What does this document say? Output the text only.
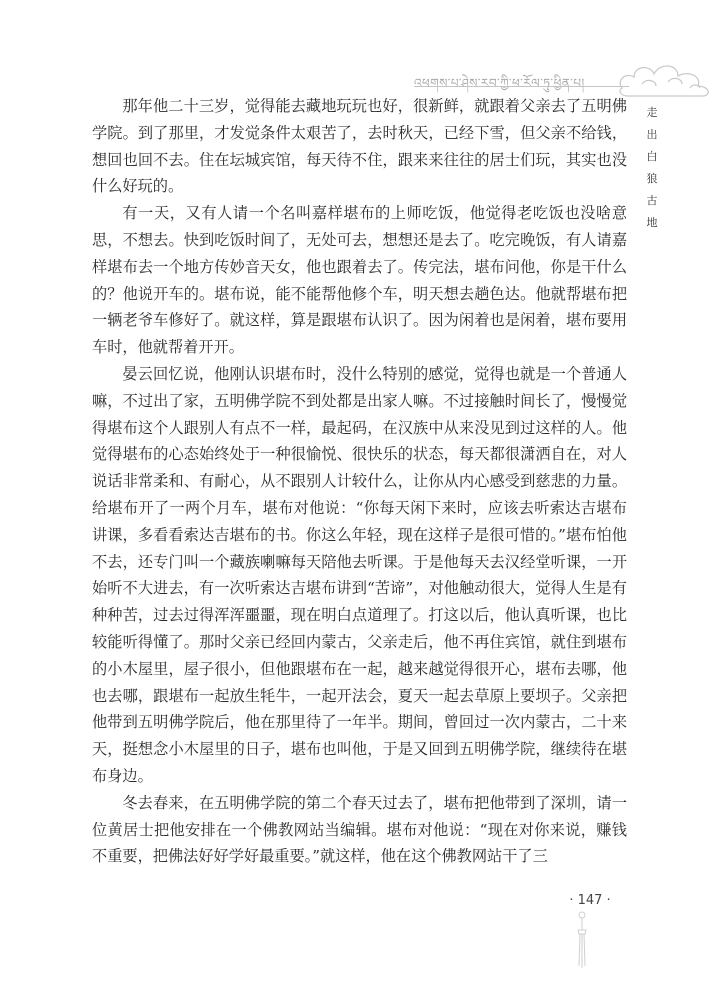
འཕགས་པ་ཤེས་རབ་ཀྱི་ཕ་རོལ་ཏུ་ཕྱིན་པ།
走
出
白
狼
古
地

那年他二十三岁，觉得能去藏地玩玩也好，很新鲜，就跟着父亲去了五明佛学院。到了那里，才发觉条件太艰苦了，去时秋天，已经下雪，但父亲不给钱，想回也回不去。住在坛城宾馆，每天待不住，跟来来往往的居士们玩，其实也没什么好玩的。

有一天，又有人请一个名叫嘉样堪布的上师吃饭，他觉得老吃饭也没啥意思，不想去。快到吃饭时间了，无处可去，想想还是去了。吃完晚饭，有人请嘉样堪布去一个地方传妙音天女，他也跟着去了。传完法，堪布问他，你是干什么的？他说开车的。堪布说，能不能帮他修个车，明天想去趟色达。他就帮堪布把一辆老爷车修好了。就这样，算是跟堪布认识了。因为闲着也是闲着，堪布要用车时，他就帮着开开。

晏云回忆说，他刚认识堪布时，没什么特别的感觉，觉得也就是一个普通人嘛，不过出了家，五明佛学院不到处都是出家人嘛。不过接触时间长了，慢慢觉得堪布这个人跟别人有点不一样，最起码，在汉族中从来没见到过这样的人。他觉得堪布的心态始终处于一种很愉悦、很快乐的状态，每天都很潇洒自在，对人说话非常柔和、有耐心，从不跟别人计较什么，让你从内心感受到慈悲的力量。给堪布开了一两个月车，堪布对他说：“你每天闲下来时，应该去听索达吉堪布讲课，多看看索达吉堪布的书。你这么年轻，现在这样子是很可惜的。”堪布怕他不去，还专门叫一个藏族喇嘛每天陪他去听课。于是他每天去汉经堂听课，一开始听不大进去，有一次听索达吉堪布讲到“苦谛”，对他触动很大，觉得人生是有种种苦，过去过得浑浑噩噩，现在明白点道理了。打这以后，他认真听课，也比较能听得懂了。那时父亲已经回内蒙古，父亲走后，他不再住宾馆，就住到堪布的小木屋里，屋子很小，但他跟堪布在一起，越来越觉得很开心，堪布去哪，他也去哪，跟堪布一起放生牦牛，一起开法会，夏天一起去草原上要坝子。父亲把他带到五明佛学院后，他在那里待了一年半。期间，曾回过一次内蒙古，二十来天，挺想念小木屋里的日子，堪布也叫他，于是又回到五明佛学院，继续待在堪布身边。

冬去春来，在五明佛学院的第二个春天过去了，堪布把他带到了深圳，请一位黄居士把他安排在一个佛教网站当编辑。堪布对他说：“现在对你来说，赚钱不重要，把佛法好好学好最重要。”就这样，他在这个佛教网站干了三

· 147 ·
